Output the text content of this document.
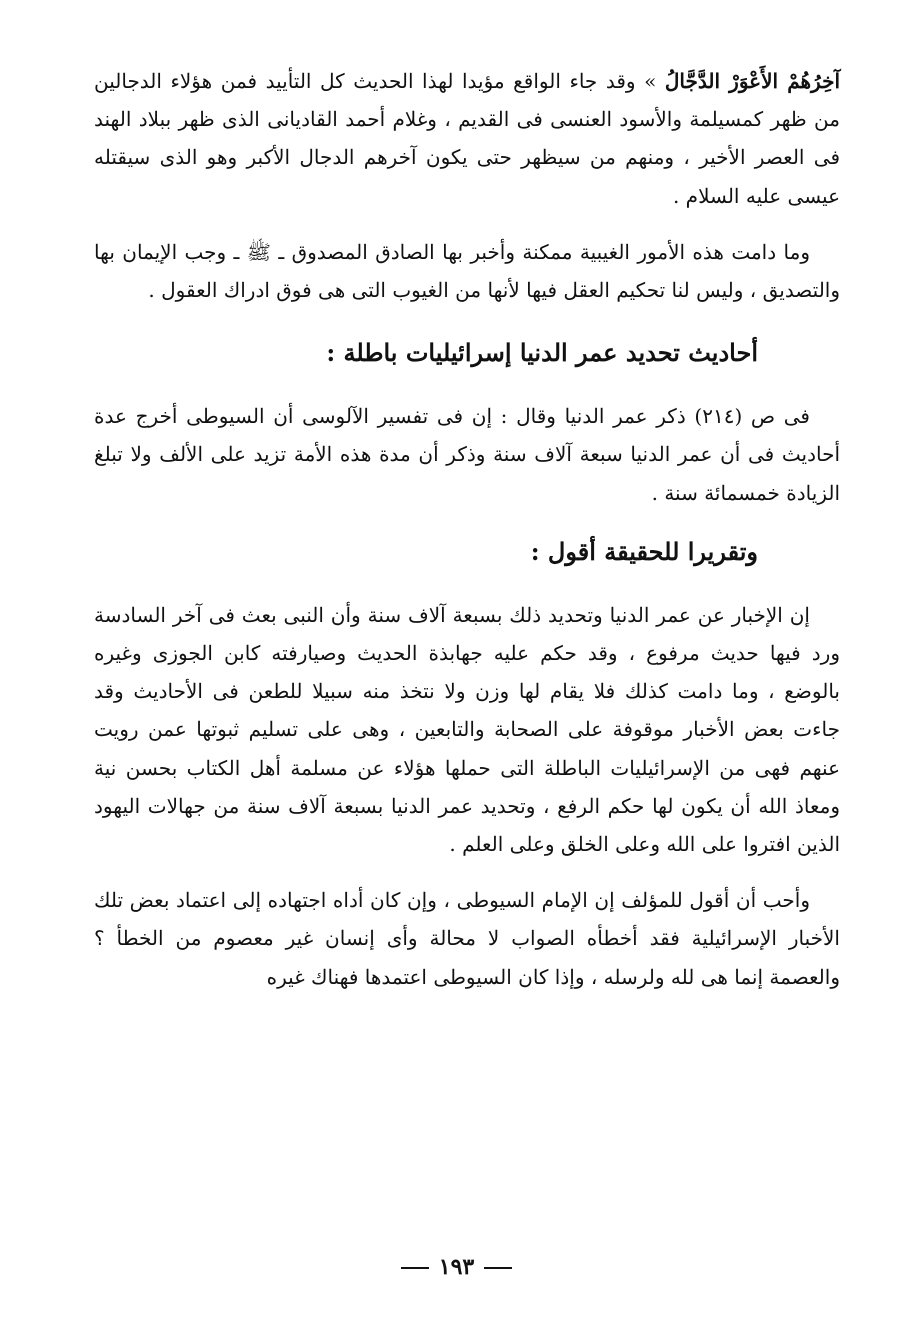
آخِرُهُمْ الأَعْوَرْ الدَّجَّالُ » وقد جاء الواقع مؤيدا لهذا الحديث كل التأييد فمن هؤلاء الدجالين من ظهر كمسيلمة والأسود العنسى فى القديم ، وغلام أحمد القاديانى الذى ظهر ببلاد الهند فى العصر الأخير ، ومنهم من سيظهر حتى يكون آخرهم الدجال الأكبر وهو الذى سيقتله عيسى عليه السلام .

وما دامت هذه الأمور الغيبية ممكنة وأخبر بها الصادق المصدوق ـ ﷺ ـ وجب الإيمان بها والتصديق ، وليس لنا تحكيم العقل فيها لأنها من الغيوب التى هى فوق ادراك العقول .

أحاديث تحديد عمر الدنيا إسرائيليات باطلة :

فى ص (٢١٤) ذكر عمر الدنيا وقال : إن فى تفسير الآلوسى أن السيوطى أخرج عدة أحاديث فى أن عمر الدنيا سبعة آلاف سنة وذكر أن مدة هذه الأمة تزيد على الألف ولا تبلغ الزيادة خمسمائة سنة .

وتقريرا للحقيقة أقول :

إن الإخبار عن عمر الدنيا وتحديد ذلك بسبعة آلاف سنة وأن النبى بعث فى آخر السادسة ورد فيها حديث مرفوع ، وقد حكم عليه جهابذة الحديث وصيارفته كابن الجوزى وغيره بالوضع ، وما دامت كذلك فلا يقام لها وزن ولا نتخذ منه سبيلا للطعن فى الأحاديث وقد جاءت بعض الأخبار موقوفة على الصحابة والتابعين ، وهى على تسليم ثبوتها عمن رويت عنهم فهى من الإسرائيليات الباطلة التى حملها هؤلاء عن مسلمة أهل الكتاب بحسن نية ومعاذ الله أن يكون لها حكم الرفع ، وتحديد عمر الدنيا بسبعة آلاف سنة من جهالات اليهود الذين افتروا على الله وعلى الخلق وعلى العلم .

وأحب أن أقول للمؤلف إن الإمام السيوطى ، وإن كان أداه اجتهاده إلى اعتماد بعض تلك الأخبار الإسرائيلية فقد أخطأه الصواب لا محالة وأى إنسان غير معصوم من الخطأ ؟ والعصمة إنما هى لله ولرسله ، وإذا كان السيوطى اعتمدها فهناك غيره

١٩٣
